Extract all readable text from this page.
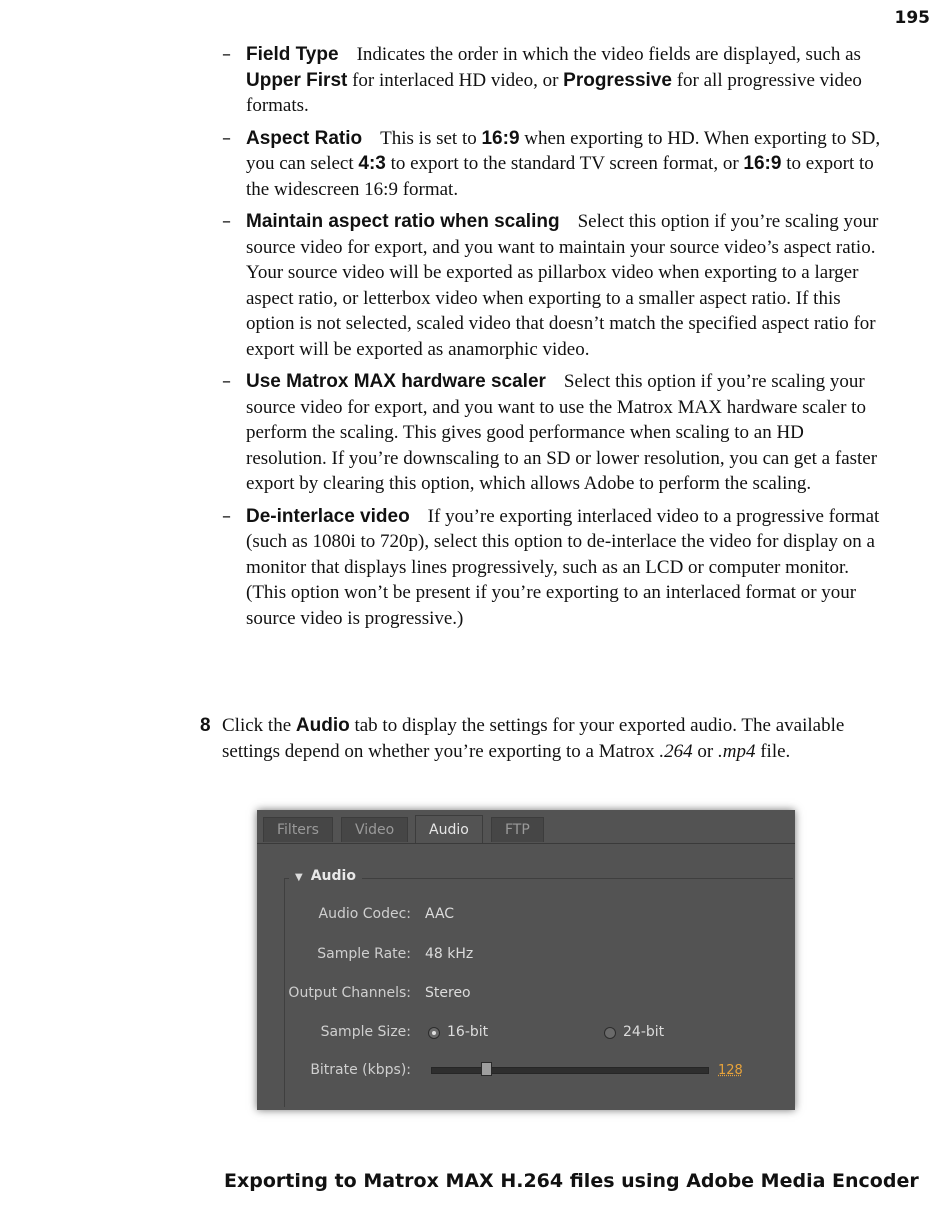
195
– Field Type Indicates the order in which the video fields are displayed, such as Upper First for interlaced HD video, or Progressive for all progressive video formats.
– Aspect Ratio This is set to 16:9 when exporting to HD. When exporting to SD, you can select 4:3 to export to the standard TV screen format, or 16:9 to export to the widescreen 16:9 format.
– Maintain aspect ratio when scaling Select this option if you’re scaling your source video for export, and you want to maintain your source video’s aspect ratio. Your source video will be exported as pillarbox video when exporting to a larger aspect ratio, or letterbox video when exporting to a smaller aspect ratio. If this option is not selected, scaled video that doesn’t match the specified aspect ratio for export will be exported as anamorphic video.
– Use Matrox MAX hardware scaler Select this option if you’re scaling your source video for export, and you want to use the Matrox MAX hardware scaler to perform the scaling. This gives good performance when scaling to an HD resolution. If you’re downscaling to an SD or lower resolution, you can get a faster export by clearing this option, which allows Adobe to perform the scaling.
– De-interlace video If you’re exporting interlaced video to a progressive format (such as 1080i to 720p), select this option to de-interlace the video for display on a monitor that displays lines progressively, such as an LCD or computer monitor. (This option won’t be present if you’re exporting to an interlaced format or your source video is progressive.)
8 Click the Audio tab to display the settings for your exported audio. The available settings depend on whether you’re exporting to a Matrox .264 or .mp4 file.
Filters	Video	Audio	FTP
▼ Audio
Audio Codec: AAC
Sample Rate: 48 kHz
Output Channels: Stereo
Sample Size:	16-bit	24-bit
Bitrate (kbps):	128
Exporting to Matrox MAX H.264 files using Adobe Media Encoder
